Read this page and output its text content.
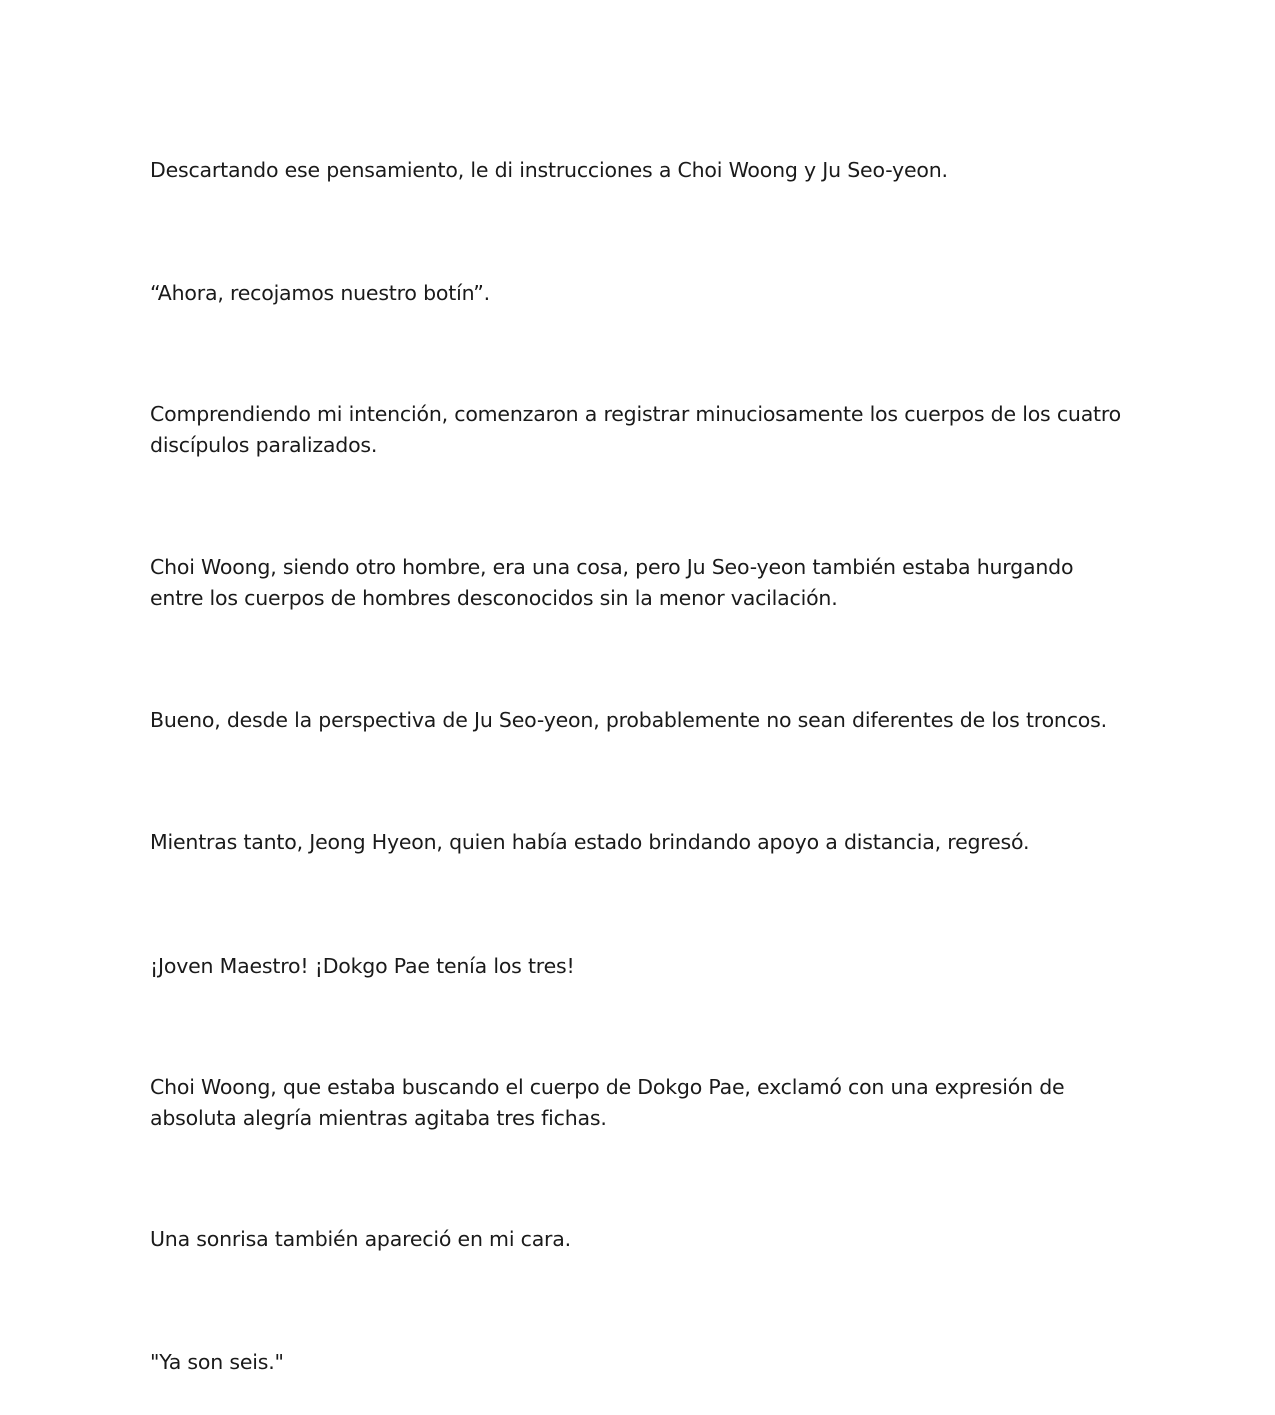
Descartando ese pensamiento, le di instrucciones a Choi Woong y Ju Seo-yeon.

“Ahora, recojamos nuestro botín”.

Comprendiendo mi intención, comenzaron a registrar minuciosamente los cuerpos de los cuatro discípulos paralizados.

Choi Woong, siendo otro hombre, era una cosa, pero Ju Seo-yeon también estaba hurgando entre los cuerpos de hombres desconocidos sin la menor vacilación.

Bueno, desde la perspectiva de Ju Seo-yeon, probablemente no sean diferentes de los troncos.

Mientras tanto, Jeong Hyeon, quien había estado brindando apoyo a distancia, regresó.

¡Joven Maestro! ¡Dokgo Pae tenía los tres!

Choi Woong, que estaba buscando el cuerpo de Dokgo Pae, exclamó con una expresión de absoluta alegría mientras agitaba tres fichas.

Una sonrisa también apareció en mi cara.

"Ya son seis."
